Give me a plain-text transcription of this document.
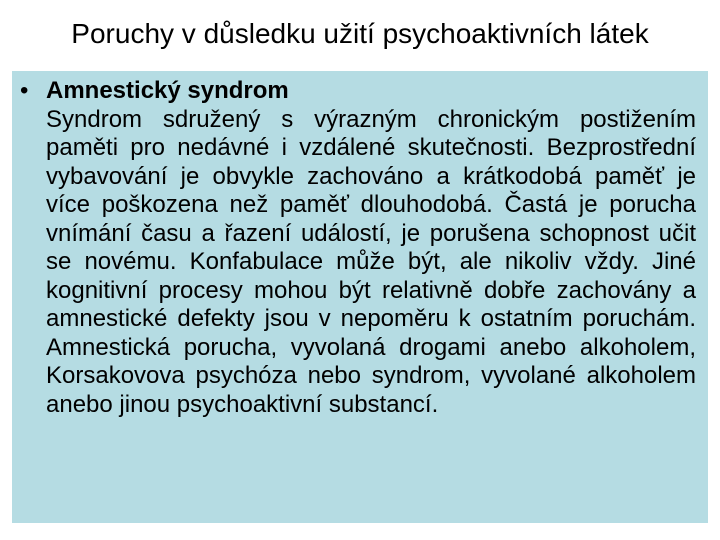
Poruchy v důsledku užití psychoaktivních látek

• Amnestický syndrom

Syndrom sdružený s výrazným chronickým postižením paměti pro nedávné i vzdálené skutečnosti. Bezprostřední vybavování je obvykle zachováno a krátkodobá paměť je více poškozena než paměť dlouhodobá. Častá je porucha vnímání času a řazení událostí, je porušena schopnost učit se novému. Konfabulace může být, ale nikoliv vždy. Jiné kognitivní procesy mohou být relativně dobře zachovány a amnestické defekty jsou v nepoměru k ostatním poruchám. Amnestická porucha, vyvolaná drogami anebo alkoholem, Korsakovova psychóza nebo syndrom, vyvolané alkoholem anebo jinou psychoaktivní substancí.
